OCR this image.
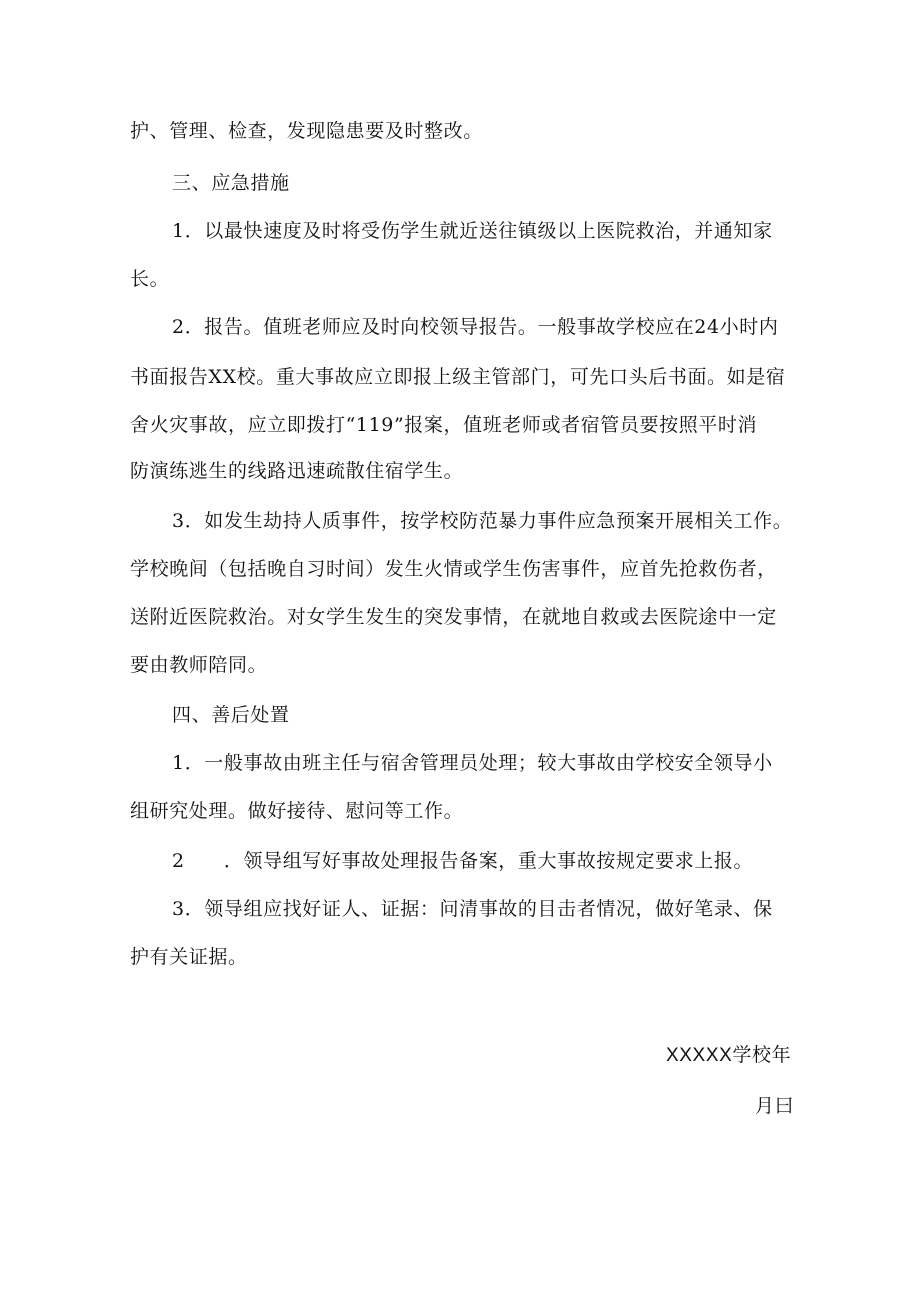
护、管理、检查，发现隐患要及时整改。
三、应急措施
1．以最快速度及时将受伤学生就近送往镇级以上医院救治，并通知家
长。
2．报告。值班老师应及时向校领导报告。一般事故学校应在24小时内
书面报告XX校。重大事故应立即报上级主管部门，可先口头后书面。如是宿
舍火灾事故，应立即拨打“119”报案，值班老师或者宿管员要按照平时消
防演练逃生的线路迅速疏散住宿学生。
3．如发生劫持人质事件，按学校防范暴力事件应急预案开展相关工作。
学校晚间（包括晚自习时间）发生火情或学生伤害事件，应首先抢救伤者，
送附近医院救治。对女学生发生的突发事情，在就地自救或去医院途中一定
要由教师陪同。
四、善后处置
1．一般事故由班主任与宿舍管理员处理；较大事故由学校安全领导小
组研究处理。做好接待、慰问等工作。
2　　．领导组写好事故处理报告备案，重大事故按规定要求上报。
3．领导组应找好证人、证据：问清事故的目击者情况，做好笔录、保
护有关证据。
XXXXX学校年
月曰
